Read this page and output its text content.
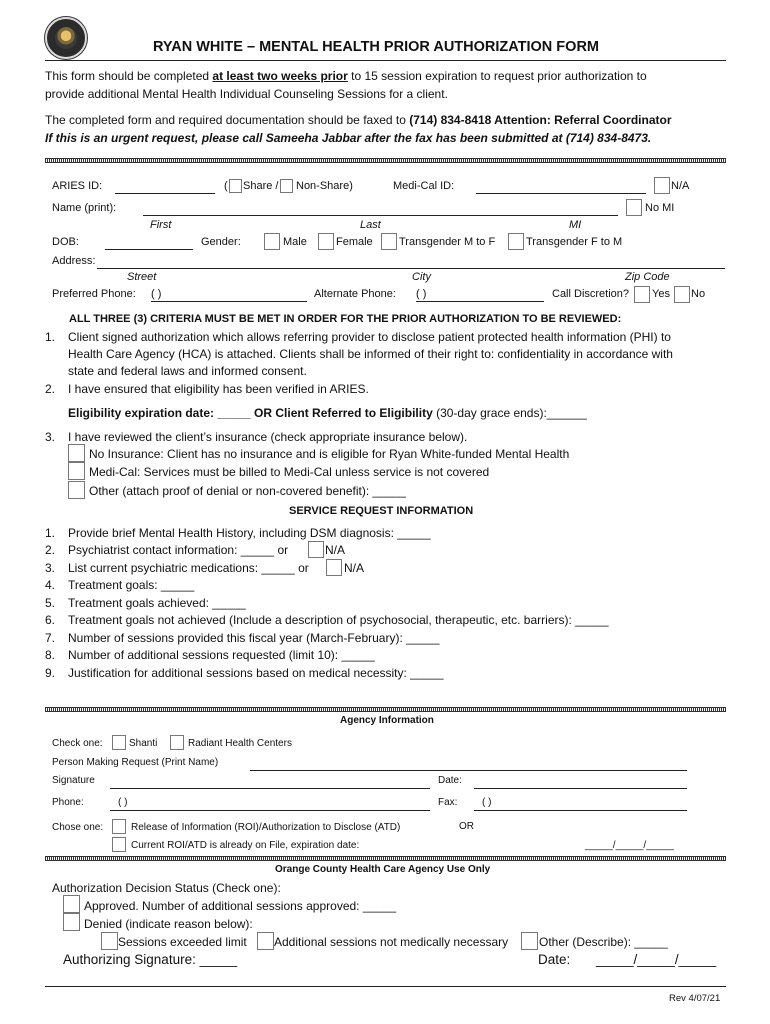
RYAN WHITE – MENTAL HEALTH PRIOR AUTHORIZATION FORM
This form should be completed at least two weeks prior to 15 session expiration to request prior authorization to
provide additional Mental Health Individual Counseling Sessions for a client.
The completed form and required documentation should be faxed to (714) 834-8418 Attention: Referral Coordinator
If this is an urgent request, please call Sameeha Jabbar after the fax has been submitted at (714) 834-8473.
ARIES ID:	( Share / Non-Share)	Medi-Cal ID:	N/A
Name (print):	No MI
First	Last	MI
DOB:	Gender:	Male	Female Transgender M to F	Transgender F to M
Address:
Street	City	Zip Code
Preferred Phone: ( )	Alternate Phone: ( )	Call Discretion? Yes No
ALL THREE (3) CRITERIA MUST BE MET IN ORDER FOR THE PRIOR AUTHORIZATION TO BE REVIEWED:
1. Client signed authorization which allows referring provider to disclose patient protected health information (PHI) to
Health Care Agency (HCA) is attached. Clients shall be informed of their right to: confidentiality in accordance with
state and federal laws and informed consent.
2. I have ensured that eligibility has been verified in ARIES.
Eligibility expiration date: _____ OR Client Referred to Eligibility (30-day grace ends):______
3. I have reviewed the client’s insurance (check appropriate insurance below).
No Insurance: Client has no insurance and is eligible for Ryan White-funded Mental Health
Medi-Cal: Services must be billed to Medi-Cal unless service is not covered
Other (attach proof of denial or non-covered benefit): _____
SERVICE REQUEST INFORMATION
1. Provide brief Mental Health History, including DSM diagnosis: _____
2. Psychiatrist contact information: _____ or	N/A
3. List current psychiatric medications: _____ or	N/A
4. Treatment goals: _____
5. Treatment goals achieved: _____
6. Treatment goals not achieved (Include a description of psychosocial, therapeutic, etc. barriers): _____
7. Number of sessions provided this fiscal year (March-February): _____
8. Number of additional sessions requested (limit 10): _____
9. Justification for additional sessions based on medical necessity: _____
Agency Information
Check one:	Shanti	Radiant Health Centers
Person Making Request (Print Name)
Signature	Date:
Phone:	( )	Fax: ( )
Chose one:	Release of Information (ROI)/Authorization to Disclose (ATD)	OR
Current ROI/ATD is already on File, expiration date:	_____/_____/_____
Orange County Health Care Agency Use Only
Authorization Decision Status (Check one):
Approved. Number of additional sessions approved: _____
Denied (indicate reason below):
Sessions exceeded limit Additional sessions not medically necessary	Other (Describe): _____
Authorizing Signature: _____	Date: _____/_____/_____
Rev 4/07/21
